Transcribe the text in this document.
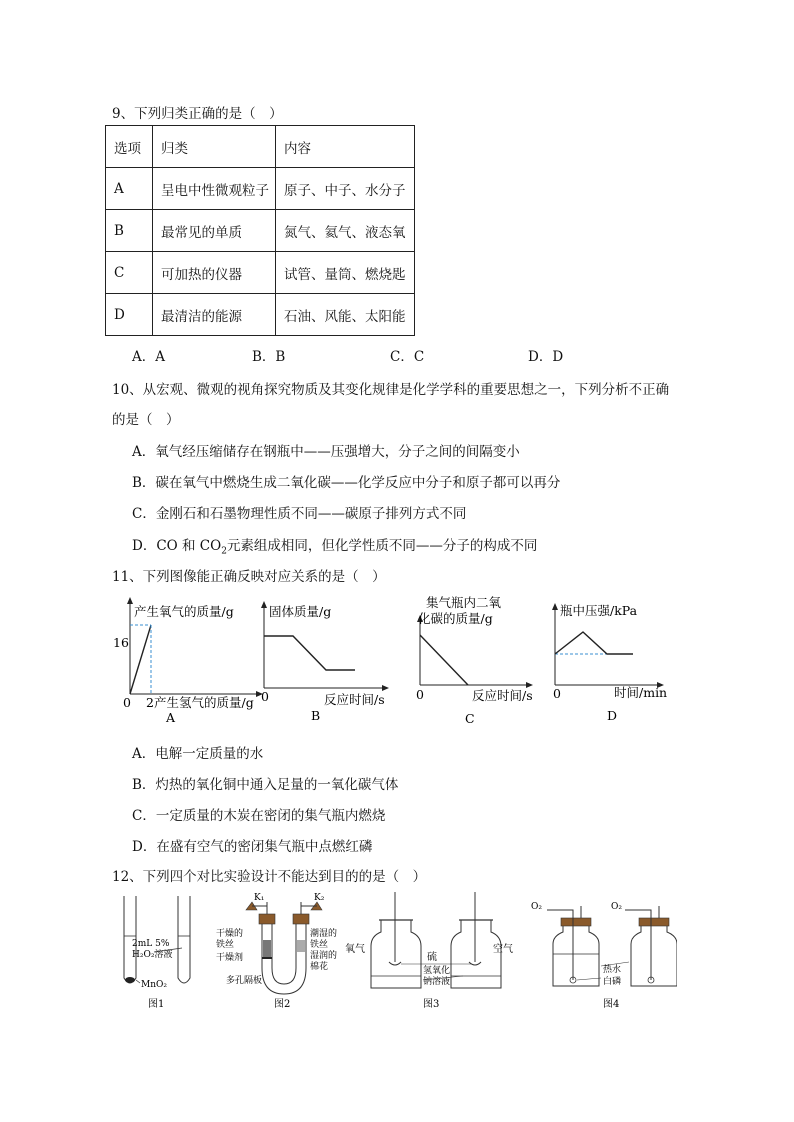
9、下列归类正确的是（　）
选项	归类	内容
A	呈电中性微观粒子	原子、中子、水分子
B	最常见的单质	氮气、氦气、液态氧
C	可加热的仪器	试管、量筒、燃烧匙
D	最清洁的能源	石油、风能、太阳能
A．A	B．B	C．C	D．D
10、从宏观、微观的视角探究物质及其变化规律是化学学科的重要思想之一，下列分析不正确
的是（　）
A．氧气经压缩储存在钢瓶中——压强增大，分子之间的间隔变小
B．碳在氧气中燃烧生成二氧化碳——化学反应中分子和原子都可以再分
C．金刚石和石墨物理性质不同——碳原子排列方式不同
D．CO 和 $CO_2$元素组成相同，但化学性质不同——分子的构成不同
11、下列图像能正确反映对应关系的是（　）
产生氧气的质量/g
16
0 2 产生氢气的质量/g
A
固体质量/g
0	反应时间/s
B
集气瓶内二氧
化碳的质量/g
0	反应时间/s
C
瓶中压强/kPa
0	时间/min
D
A．电解一定质量的水
B．灼热的氧化铜中通入足量的一氧化碳气体
C．一定质量的木炭在密闭的集气瓶内燃烧
D．在盛有空气的密闭集气瓶中点燃红磷
12、下列四个对比实验设计不能达到目的的是（　）
2mL 5%
H₂O₂溶液
MnO₂
图1
K₁	K₂
干燥的
铁丝
干燥剂
多孔隔板
潮湿的
铁丝
湿润的
棉花
图2
氧气
硫
空气
氢氧化
钠溶液
图3
O₂	O₂
热水
白磷
图4
